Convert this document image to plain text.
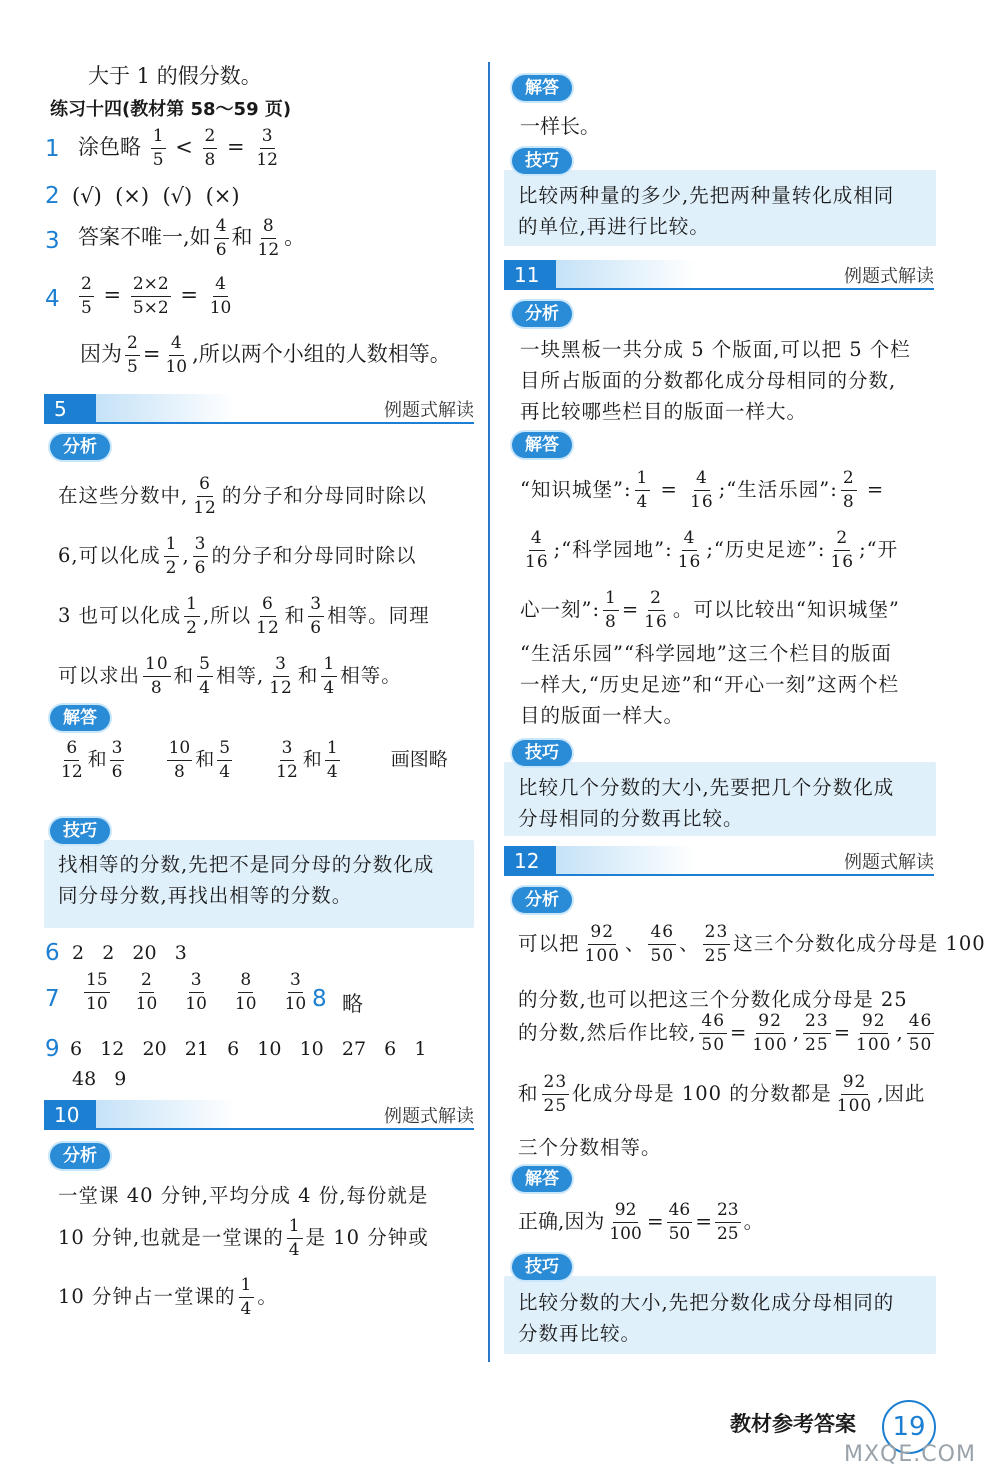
大于 1 的假分数。
练习十四(教材第 58～59 页)
1 涂色略 $\frac{1}{5} < \frac{2}{8} = \frac{3}{12}$
2 (√)  (×)  (√)  (×)
3 答案不唯一,如 $\frac{4}{6}$ 和 $\frac{8}{12}$ 。
$4 \frac{2}{5} = \frac{2\times 2}{5\times 2} = \frac{4}{10}$
因为 $\frac{2}{5} = \frac{4}{10}$ ,所以两个小组的人数相等。
5	例题式解读
分析
在这些分数中, $\frac{6}{12}$ 的分子和分母同时除以
6,可以化成 $\frac{1}{2}$ , $\frac{3}{6}$ 的分子和分母同时除以
3 也可以化成 $\frac{1}{2}$ ,所以 $\frac{6}{12}$ 和 $\frac{3}{6}$ 相等。同理
可以求出 $\frac{10}{8}$ 和 $\frac{5}{4}$ 相等, $\frac{3}{12}$ 和 $\frac{1}{4}$ 相等。
解答
$\frac{6}{12}$ 和 $\frac{3}{6}$
$\frac{10}{8}$ 和 $\frac{5}{4}$
$\frac{3}{12}$ 和 $\frac{1}{4}$	画图略
技巧
找相等的分数,先把不是同分母的分数化成
同分母分数,再找出相等的分数。
6 2   2   20   3
$7 \frac{15}{10} \frac{2}{10} \frac{3}{10} \frac{8}{10} \frac{3}{10} 8$ 略
9 6   12   20   21   6   10   10   27   6   1
48   9
10	例题式解读
分析
一堂课 40 分钟,平均分成 4 份,每份就是
10 分钟,也就是一堂课的 $\frac{1}{4}$ 是 10 分钟或
10 分钟占一堂课的 $\frac{1}{4}$ 。
解答
一样长。
技巧
比较两种量的多少,先把两种量转化成相同
的单位,再进行比较。
11	例题式解读
分析
一块黑板一共分成 5 个版面,可以把 5 个栏
目所占版面的分数都化成分母相同的分数,
再比较哪些栏目的版面一样大。
解答
“知识城堡”: $\frac{1}{4} = \frac{4}{16}$ ;“生活乐园”: $\frac{2}{8}$ =
$\frac{4}{16}$ ;“科学园地”: $\frac{4}{16}$ ;“历史足迹”: $\frac{2}{16}$ ;“开
心一刻”: $\frac{1}{8} = \frac{2}{16}$ 。可以比较出“知识城堡”
“生活乐园”“科学园地”这三个栏目的版面
一样大,“历史足迹”和“开心一刻”这两个栏
目的版面一样大。
技巧
比较几个分数的大小,先要把几个分数化成
分母相同的分数再比较。
12	例题式解读
分析
可以把 $\frac{92}{100}$ 、 $\frac{46}{50}$ 、 $\frac{23}{25}$ 这三个分数化成分母是 100
的分数,也可以把这三个分数化成分母是 25
的分数,然后作比较, $\frac{46}{50} = \frac{92}{100}$ , $\frac{23}{25} = \frac{92}{100}$ , $\frac{46}{50}$
和 $\frac{23}{25}$ 化成分母是 100 的分数都是 $\frac{92}{100}$ ,因此
三个分数相等。
解答
正确,因为 $\frac{92}{100} = \frac{46}{50} = \frac{23}{25}$ 。
技巧
比较分数的大小,先把分数化成分母相同的
分数再比较。
教材参考答案	19
MXQE.COM
